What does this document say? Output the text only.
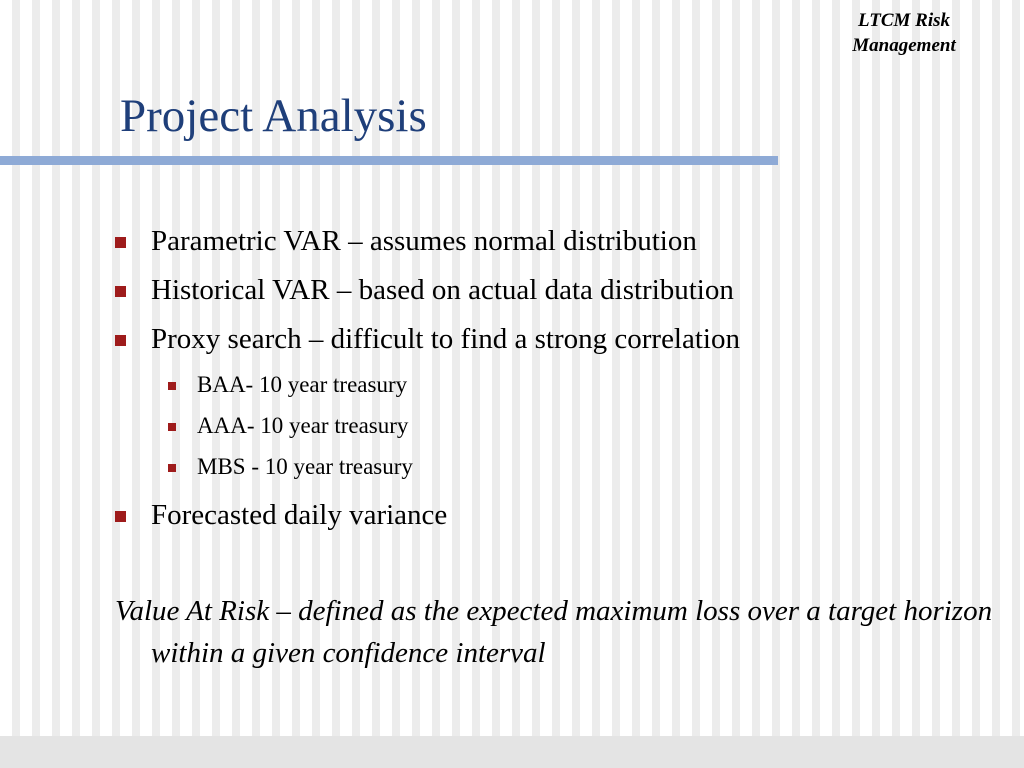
LTCM Risk Management
Project Analysis
Parametric VAR – assumes normal distribution
Historical VAR – based on actual data distribution
Proxy search – difficult to find a strong correlation
BAA- 10 year treasury
AAA- 10 year treasury
MBS - 10 year treasury
Forecasted daily variance
Value At Risk – defined as the expected maximum loss over a target horizon within a given confidence interval
